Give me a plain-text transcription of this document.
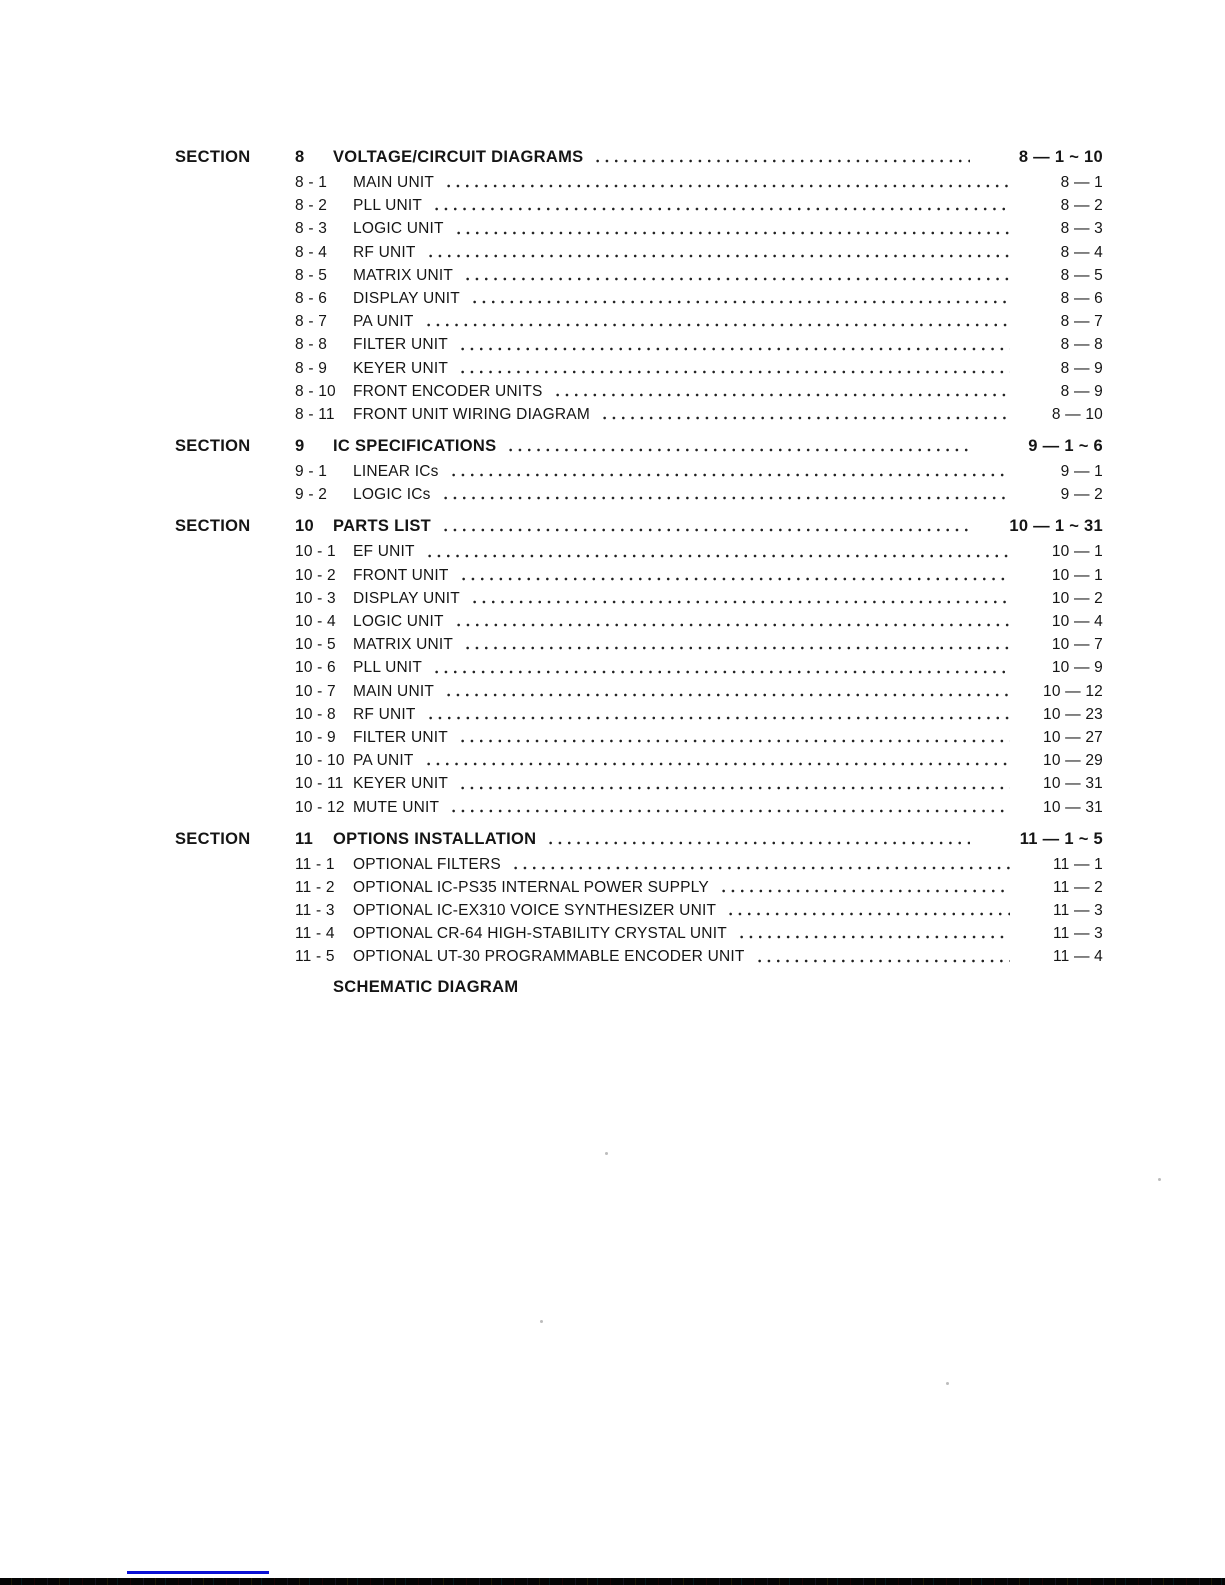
SECTION	8	VOLTAGE/CIRCUIT DIAGRAMS	8 — 1 ~ 10
8 - 1	MAIN UNIT	8 — 1
8 - 2	PLL UNIT	8 — 2
8 - 3	LOGIC UNIT	8 — 3
8 - 4	RF UNIT	8 — 4
8 - 5	MATRIX UNIT	8 — 5
8 - 6	DISPLAY UNIT	8 — 6
8 - 7	PA UNIT	8 — 7
8 - 8	FILTER UNIT	8 — 8
8 - 9	KEYER UNIT	8 — 9
8 - 10	FRONT ENCODER UNITS	8 — 9
8 - 11	FRONT UNIT WIRING DIAGRAM	8 — 10
SECTION	9	IC SPECIFICATIONS	9 — 1 ~ 6
9 - 1	LINEAR ICs	9 — 1
9 - 2	LOGIC ICs	9 — 2
SECTION	10	PARTS LIST	10 — 1 ~ 31
10 - 1	EF UNIT	10 — 1
10 - 2	FRONT UNIT	10 — 1
10 - 3	DISPLAY UNIT	10 — 2
10 - 4	LOGIC UNIT	10 — 4
10 - 5	MATRIX UNIT	10 — 7
10 - 6	PLL UNIT	10 — 9
10 - 7	MAIN UNIT	10 — 12
10 - 8	RF UNIT	10 — 23
10 - 9	FILTER UNIT	10 — 27
10 - 10 PA UNIT	10 — 29
10 - 11 KEYER UNIT	10 — 31
10 - 12 MUTE UNIT	10 — 31
SECTION	11	OPTIONS INSTALLATION	11 — 1 ~ 5
11 - 1	OPTIONAL FILTERS	11 — 1
11 - 2	OPTIONAL IC-PS35 INTERNAL POWER SUPPLY	11 — 2
11 - 3	OPTIONAL IC-EX310 VOICE SYNTHESIZER UNIT	11 — 3
11 - 4	OPTIONAL CR-64 HIGH-STABILITY CRYSTAL UNIT	11 — 3
11 - 5	OPTIONAL UT-30 PROGRAMMABLE ENCODER UNIT	11 — 4
SCHEMATIC DIAGRAM
